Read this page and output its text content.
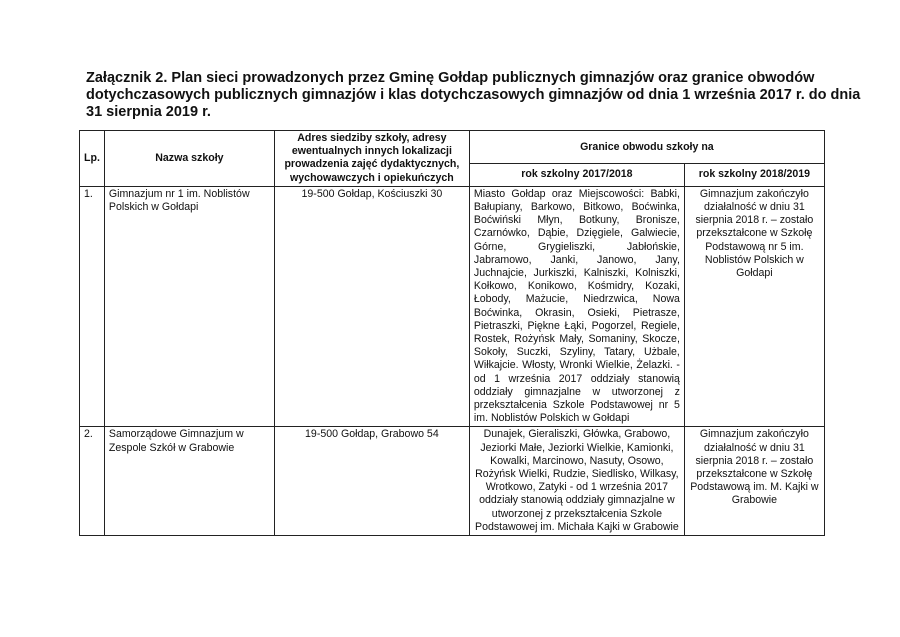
Załącznik 2. Plan sieci prowadzonych przez Gminę Gołdap publicznych gimnazjów oraz granice obwodów dotychczasowych publicznych gimnazjów i klas dotychczasowych gimnazjów od dnia 1 września 2017 r. do dnia 31 sierpnia 2019 r.

Lp.	Nazwa szkoły	Adres siedziby szkoły, adresy ewentualnych innych lokalizacji prowadzenia zajęć dydaktycznych, wychowawczych i opiekuńczych	Granice obwodu szkoły na	
			rok szkolny 2017/2018	rok szkolny 2018/2019
1.	Gimnazjum nr 1 im. Noblistów Polskich w Gołdapi	19-500 Gołdap, Kościuszki 30	Miasto Gołdap oraz Miejscowości: Babki, Bałupiany, Barkowo, Bitkowo, Boćwinka, Boćwiński Młyn, Botkuny, Bronisze, Czarnówko, Dąbie, Dzięgiele, Galwiecie, Górne, Grygieliszki, Jabłońskie, Jabramowo, Janki, Janowo, Jany, Juchnajcie, Jurkiszki, Kalniszki, Kolniszki, Kołkowo, Konikowo, Kośmidry, Kozaki, Łobody, Mażucie, Niedrzwica, Nowa Boćwinka, Okrasin, Osieki, Pietrasze, Pietraszki, Piękne Łąki, Pogorzel, Regiele, Rostek, Rożyńsk Mały, Somaniny, Skocze, Sokoły, Suczki, Szyliny, Tatary, Użbale, Wiłkajcie. Włosty, Wronki Wielkie, Żelazki. - od 1 września 2017 oddziały stanowią oddziały gimnazjalne w utworzonej z przekształcenia Szkole Podstawowej nr 5 im. Noblistów Polskich w Gołdapi	Gimnazjum zakończyło działalność w dniu 31 sierpnia 2018 r. – zostało przekształcone w Szkołę Podstawową nr 5 im. Noblistów Polskich w Gołdapi
2.	Samorządowe Gimnazjum w Zespole Szkół w Grabowie	19-500 Gołdap, Grabowo 54	Dunajek, Gieraliszki, Główka, Grabowo, Jeziorki Małe, Jeziorki Wielkie, Kamionki, Kowalki, Marcinowo, Nasuty, Osowo, Rożyńsk Wielki, Rudzie, Siedlisko, Wilkasy, Wrotkowo, Zatyki - od 1 września 2017 oddziały stanowią oddziały gimnazjalne w utworzonej z przekształcenia Szkole Podstawowej im. Michała Kajki w Grabowie	Gimnazjum zakończyło działalność w dniu 31 sierpnia 2018 r. – zostało przekształcone w Szkołę Podstawową im. M. Kajki w Grabowie
